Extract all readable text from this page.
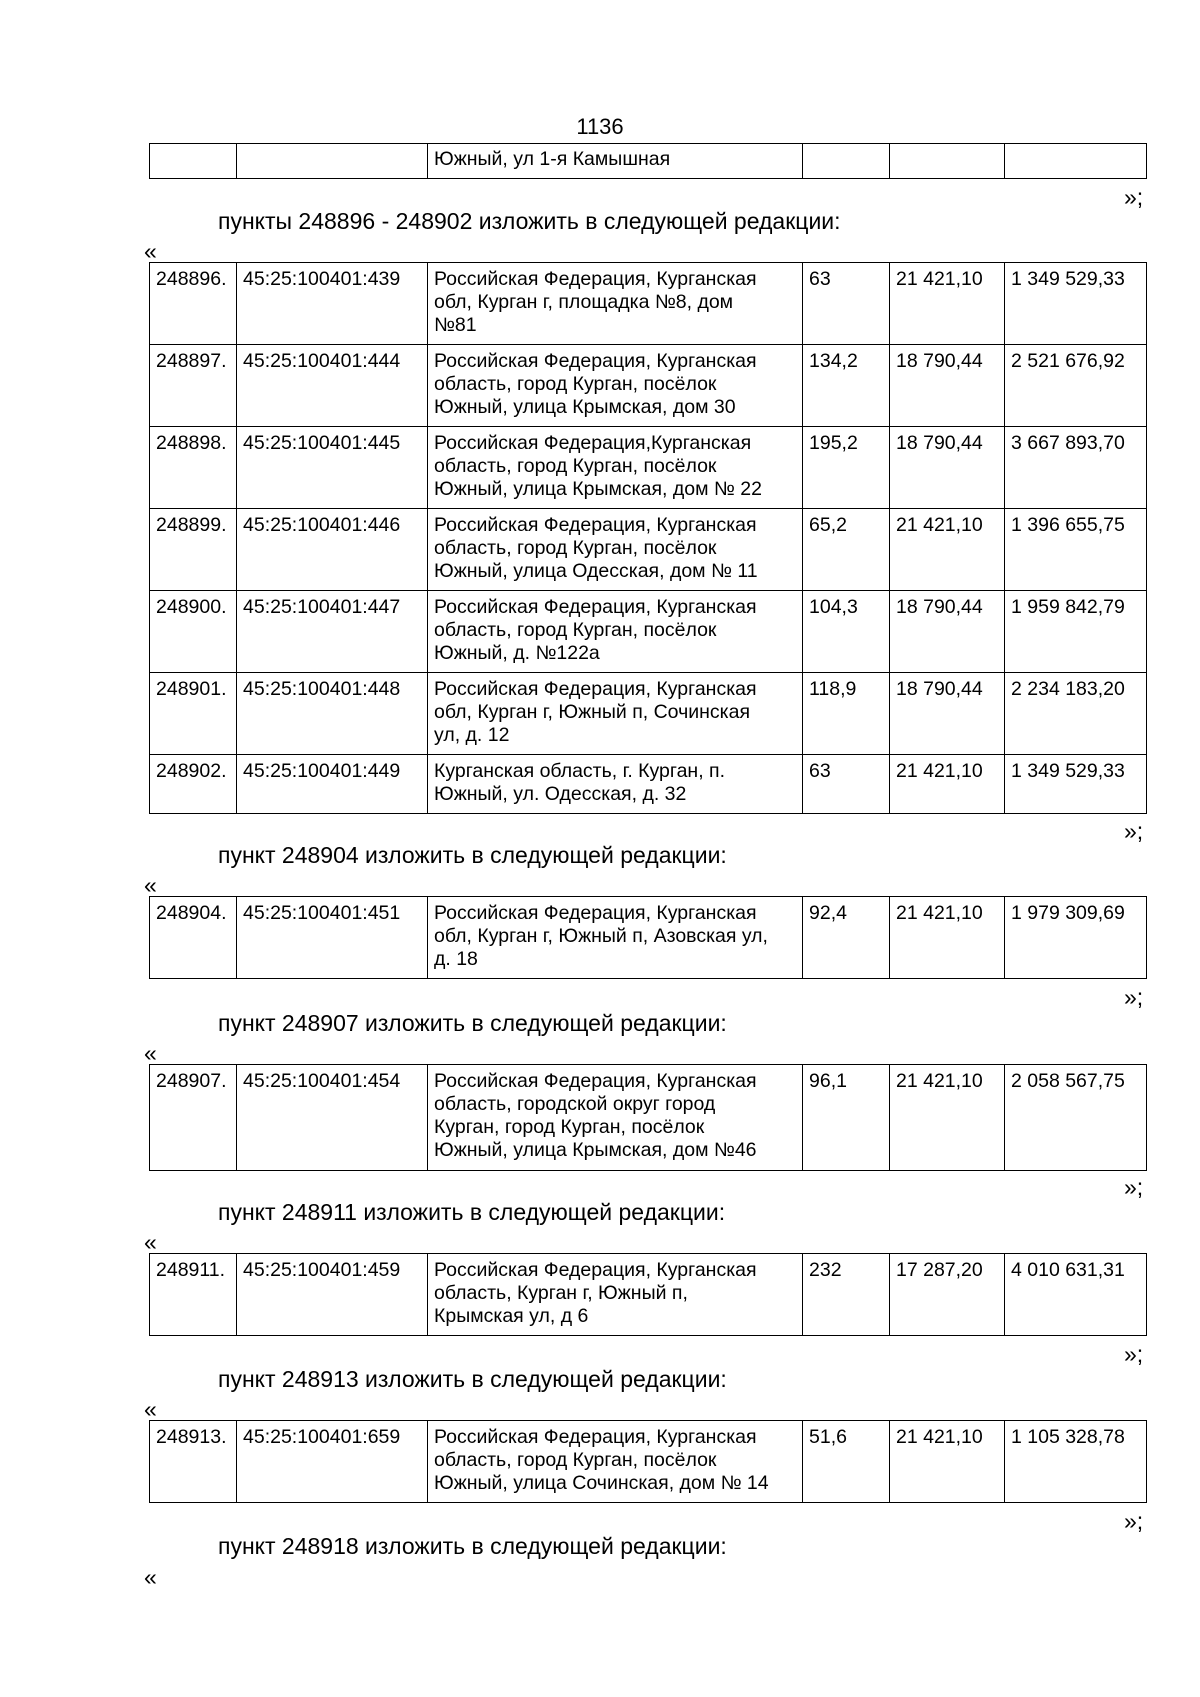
1136
		Южный, ул 1-я Камышная			
»;
пункты 248896 - 248902 изложить в следующей редакции:
«
248896.	45:25:100401:439	Российская Федерация, Курганская
обл, Курган г, площадка №8, дом
№81	63	21 421,10	1 349 529,33
248897.	45:25:100401:444	Российская Федерация, Курганская
область, город Курган, посёлок
Южный, улица Крымская, дом 30	134,2	18 790,44	2 521 676,92
248898.	45:25:100401:445	Российская Федерация,Курганская
область, город Курган, посёлок
Южный, улица Крымская, дом № 22	195,2	18 790,44	3 667 893,70
248899.	45:25:100401:446	Российская Федерация, Курганская
область, город Курган, посёлок
Южный, улица Одесская, дом № 11	65,2	21 421,10	1 396 655,75
248900.	45:25:100401:447	Российская Федерация, Курганская
область, город Курган, посёлок
Южный, д. №122а	104,3	18 790,44	1 959 842,79
248901.	45:25:100401:448	Российская Федерация, Курганская
обл, Курган г, Южный п, Сочинская
ул, д. 12	118,9	18 790,44	2 234 183,20
248902.	45:25:100401:449	Курганская область, г. Курган, п.
Южный, ул. Одесская, д. 32	63	21 421,10	1 349 529,33
»;
пункт 248904 изложить в следующей редакции:
«
248904.	45:25:100401:451	Российская Федерация, Курганская
обл, Курган г, Южный п, Азовская ул,
д. 18	92,4	21 421,10	1 979 309,69
»;
пункт 248907 изложить в следующей редакции:
«
248907.	45:25:100401:454	Российская Федерация, Курганская
область, городской округ город
Курган, город Курган, посёлок
Южный, улица Крымская, дом №46	96,1	21 421,10	2 058 567,75
»;
пункт 248911 изложить в следующей редакции:
«
248911.	45:25:100401:459	Российская Федерация, Курганская
область, Курган г, Южный п,
Крымская ул, д 6	232	17 287,20	4 010 631,31
»;
пункт 248913 изложить в следующей редакции:
«
248913.	45:25:100401:659	Российская Федерация, Курганская
область, город Курган, посёлок
Южный, улица Сочинская, дом № 14	51,6	21 421,10	1 105 328,78
»;
пункт 248918 изложить в следующей редакции:
«
